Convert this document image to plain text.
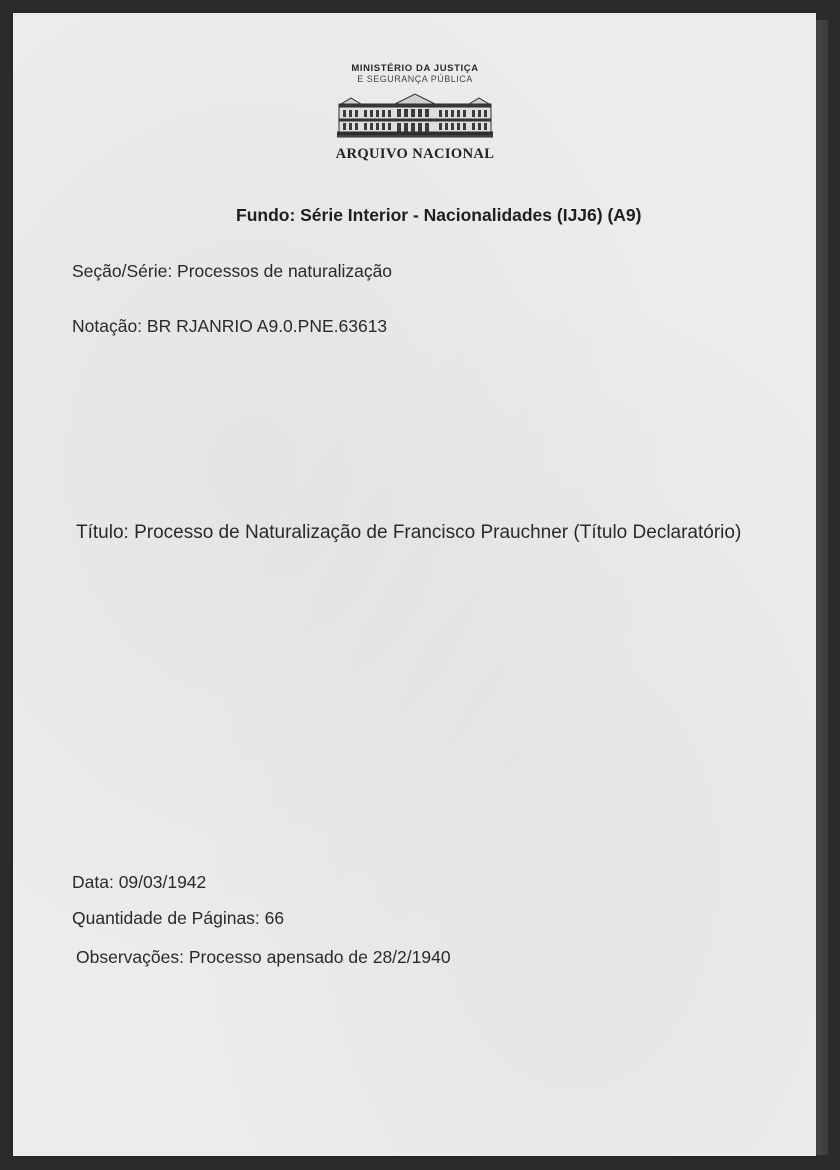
MINISTÉRIO DA JUSTIÇA
E SEGURANÇA PÚBLICA
ARQUIVO NACIONAL
Fundo: Série Interior - Nacionalidades (IJJ6) (A9)
Seção/Série: Processos de naturalização
Notação: BR RJANRIO A9.0.PNE.63613
Título: Processo de Naturalização de Francisco Prauchner (Título Declaratório)
Data: 09/03/1942
Quantidade de Páginas: 66
Observações: Processo apensado de 28/2/1940
